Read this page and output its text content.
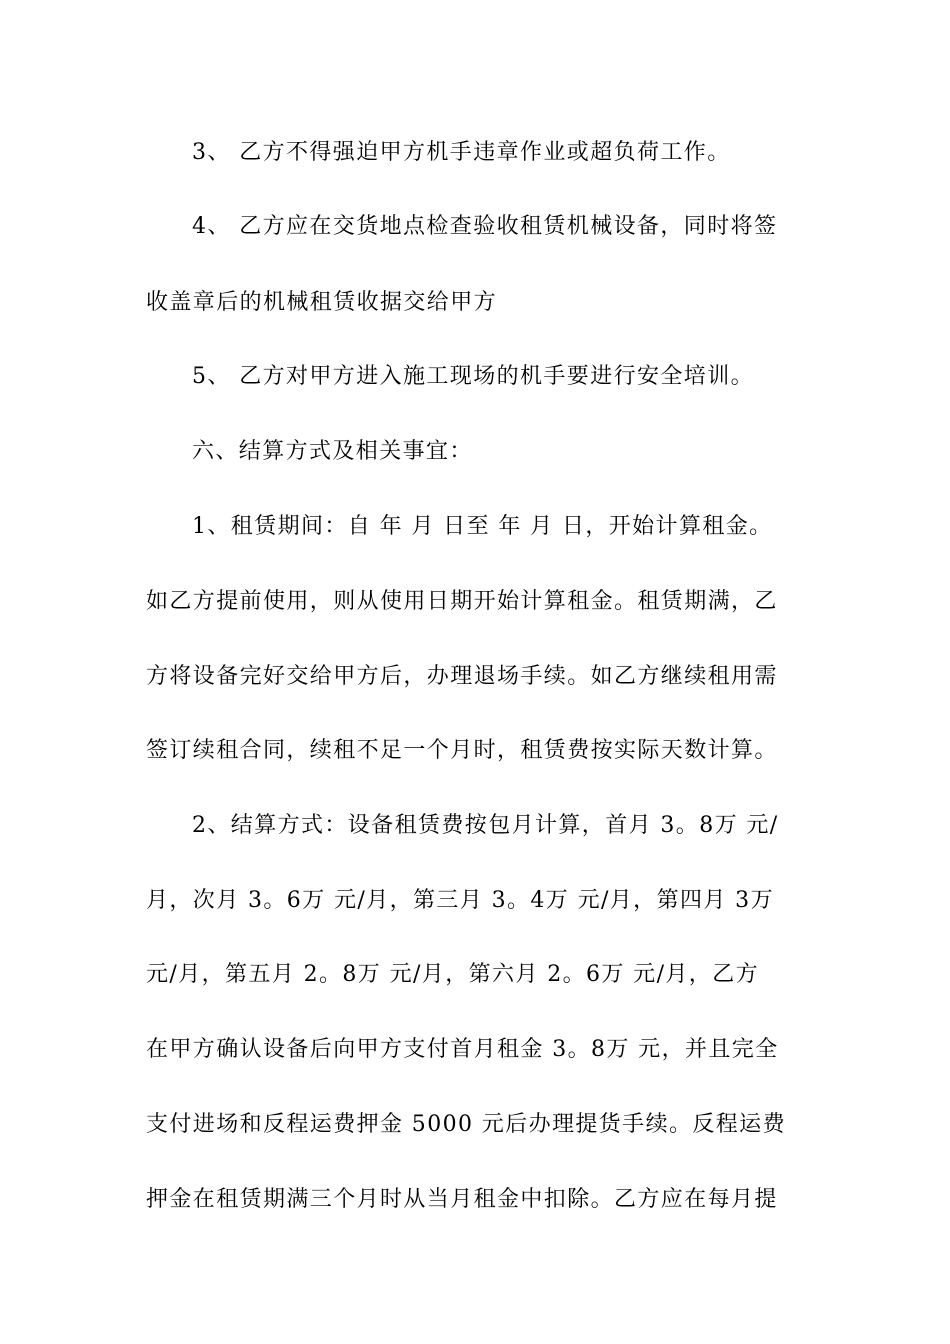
3、 乙方不得强迫甲方机手违章作业或超负荷工作。
4、 乙方应在交货地点检查验收租赁机械设备，同时将签
收盖章后的机械租赁收据交给甲方
5、 乙方对甲方进入施工现场的机手要进行安全培训。
六、结算方式及相关事宜：
1、租赁期间：自 年 月 日至 年 月 日，开始计算租金。
如乙方提前使用，则从使用日期开始计算租金。租赁期满，乙
方将设备完好交给甲方后，办理退场手续。如乙方继续租用需
签订续租合同，续租不足一个月时，租赁费按实际天数计算。
2、结算方式：设备租赁费按包月计算，首月 3。8万 元/
月，次月 3。6万 元/月，第三月 3。4万 元/月，第四月 3万
元/月，第五月 2。8万 元/月，第六月 2。6万 元/月，乙方
在甲方确认设备后向甲方支付首月租金 3。8万 元，并且完全
支付进场和反程运费押金 5000 元后办理提货手续。反程运费
押金在租赁期满三个月时从当月租金中扣除。乙方应在每月提
